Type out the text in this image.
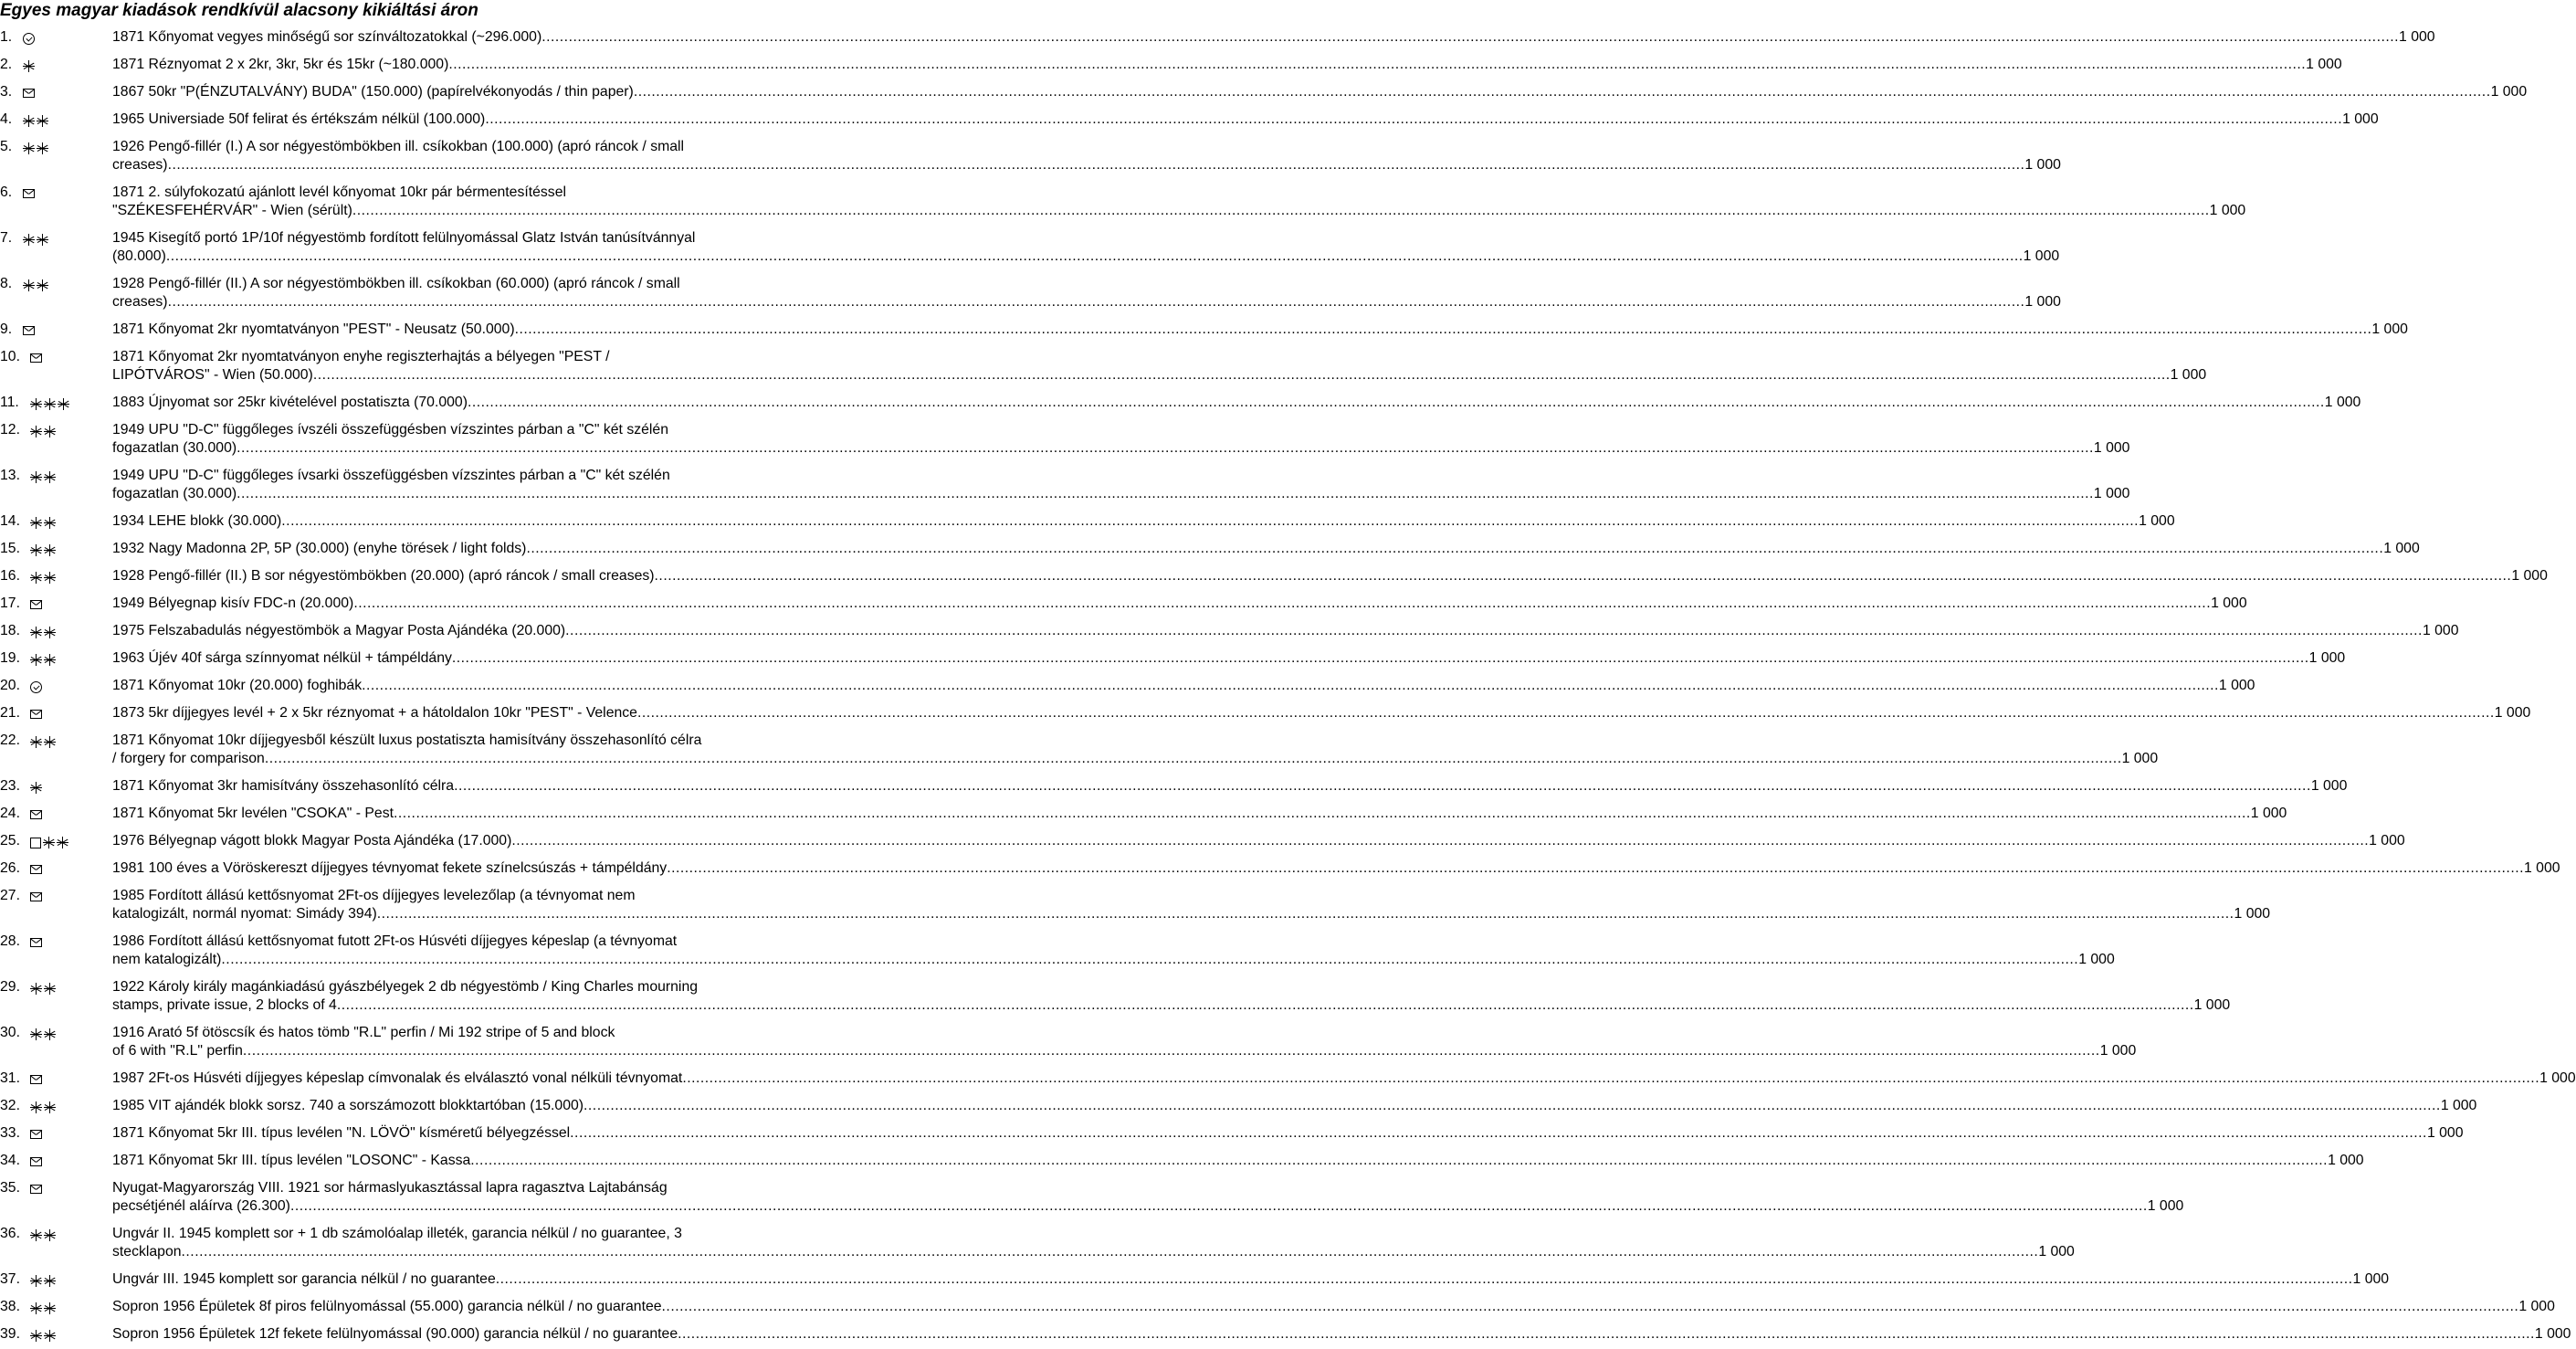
Egyes magyar kiadások rendkívül alacsony kikiáltási áron
1.	1871 Kőnyomat vegyes minőségű sor színváltozatokkal (~296.000) .....	1 000
2.	1871 Réznyomat 2 x 2kr, 3kr, 5kr és 15kr (~180.000) .....	1 000
3.	1867 50kr "P(ÉNZUTALVÁNY) BUDA" (150.000) (papírelvékonyodás / thin paper) .....	1 000
4.	1965 Universiade 50f felirat és értékszám nélkül (100.000) .....	1 000
5.	1926 Pengő-fillér (I.) A sor négyestömbökben ill. csíkokban (100.000) (apró ráncok / small
creases) .....	1 000
6.	1871 2. súlyfokozatú ajánlott levél kőnyomat 10kr pár bérmentesítéssel
"SZÉKESFEHÉRVÁR" - Wien (sérült) .....	1 000
7.	1945 Kisegítő portó 1P/10f négyestömb fordított felülnyomással Glatz István tanúsítvánnyal
(80.000) .....	1 000
8.	1928 Pengő-fillér (II.) A sor négyestömbökben ill. csíkokban (60.000) (apró ráncok / small
creases) .....	1 000
9.	1871 Kőnyomat 2kr nyomtatványon "PEST" - Neusatz (50.000) .....	1 000
10.	1871 Kőnyomat 2kr nyomtatványon enyhe regiszterhajtás a bélyegen "PEST /
LIPÓTVÁROS" - Wien (50.000) .....	1 000
11.	1883 Újnyomat sor 25kr kivételével postatiszta (70.000) .....	1 000
12.	1949 UPU "D-C" függőleges ívszéli összefüggésben vízszintes párban a "C" két szélén
fogazatlan (30.000) .....	1 000
13.	1949 UPU "D-C" függőleges ívsarki összefüggésben vízszintes párban a "C" két szélén
fogazatlan (30.000) .....	1 000
14.	1934 LEHE blokk (30.000) .....	1 000
15.	1932 Nagy Madonna 2P, 5P (30.000) (enyhe törések / light folds) .....	1 000
16.	1928 Pengő-fillér (II.) B sor négyestömbökben (20.000) (apró ráncok / small creases) .....	1 000
17.	1949 Bélyegnap kisív FDC-n (20.000) .....	1 000
18.	1975 Felszabadulás négyestömbök a Magyar Posta Ajándéka (20.000) .....	1 000
19.	1963 Újév 40f sárga színnyomat nélkül + támpéldány .....	1 000
20.	1871 Kőnyomat 10kr (20.000) foghibák .....	1 000
21.	1873 5kr díjjegyes levél + 2 x 5kr réznyomat + a hátoldalon 10kr "PEST" - Velence .....	1 000
22.	1871 Kőnyomat 10kr díjjegyesből készült luxus postatiszta hamisítvány összehasonlító célra
/ forgery for comparison .....	1 000
23.	1871 Kőnyomat 3kr hamisítvány összehasonlító célra .....	1 000
24.	1871 Kőnyomat 5kr levélen "CSOKA" - Pest .....	1 000
25.	1976 Bélyegnap vágott blokk Magyar Posta Ajándéka (17.000) .....	1 000
26.	1981 100 éves a Vöröskereszt díjjegyes tévnyomat fekete színelcsúszás + támpéldány .....	1 000
27.	1985 Fordított állású kettősnyomat 2Ft-os díjjegyes levelezőlap (a tévnyomat nem
katalogizált, normál nyomat: Simády 394) .....	1 000
28.	1986 Fordított állású kettősnyomat futott 2Ft-os Húsvéti díjjegyes képeslap (a tévnyomat
nem katalogizált) .....	1 000
29.	1922 Károly király magánkiadású gyászbélyegek 2 db négyestömb / King Charles mourning
stamps, private issue, 2 blocks of 4 .....	1 000
30.	1916 Arató 5f ötöscsík és hatos tömb "R.L" perfin / Mi 192 stripe of 5 and block
of 6 with "R.L" perfin .....	1 000
31.	1987 2Ft-os Húsvéti díjjegyes képeslap címvonalak és elválasztó vonal nélküli tévnyomat .....	1 000
32.	1985 VIT ajándék blokk sorsz. 740 a sorszámozott blokktartóban (15.000) .....	1 000
33.	1871 Kőnyomat 5kr III. típus levélen "N. LÖVÖ" kísméretű bélyegzéssel .....	1 000
34.	1871 Kőnyomat 5kr III. típus levélen "LOSONC" - Kassa .....	1 000
35.	Nyugat-Magyarország VIII. 1921 sor hármaslyukasztással lapra ragasztva Lajtabánság
pecsétjénél aláírva (26.300) .....	1 000
36.	Ungvár II. 1945 komplett sor + 1 db számolóalap illeték, garancia nélkül / no guarantee, 3
stecklapon .....	1 000
37.	Ungvár III. 1945 komplett sor garancia nélkül / no guarantee .....	1 000
38.	Sopron 1956 Épületek 8f piros felülnyomással (55.000) garancia nélkül / no guarantee .....	1 000
39.	Sopron 1956 Épületek 12f fekete felülnyomással (90.000) garancia nélkül / no guarantee .....	1 000
